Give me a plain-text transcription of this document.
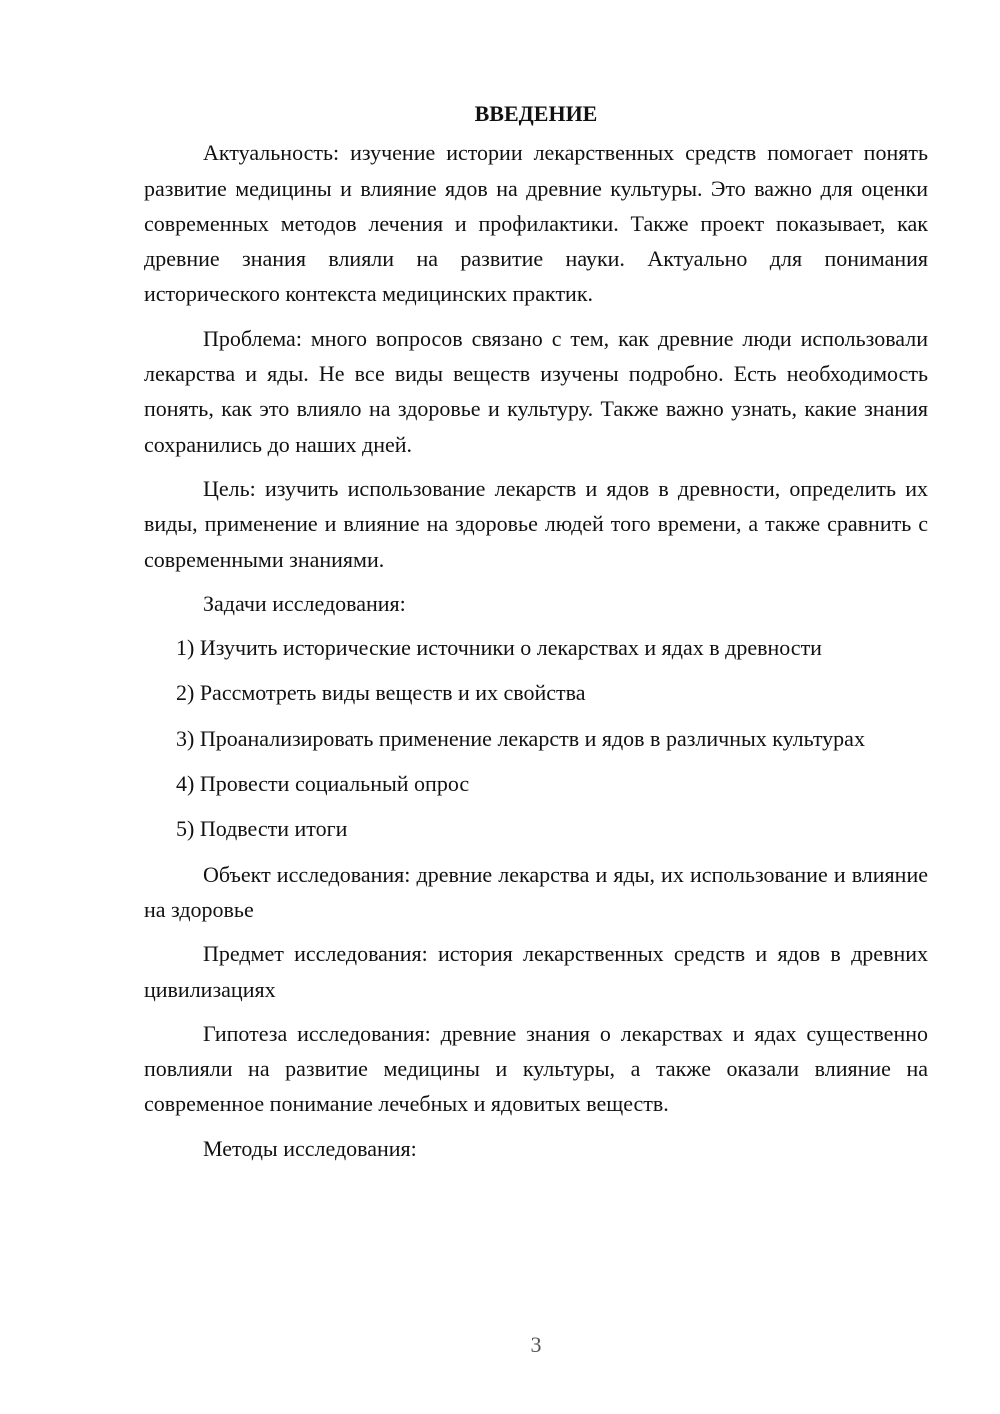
ВВЕДЕНИЕ

Актуальность: изучение истории лекарственных средств помогает понять развитие медицины и влияние ядов на древние культуры. Это важно для оценки современных методов лечения и профилактики. Также проект показывает, как древние знания влияли на развитие науки. Актуально для понимания исторического контекста медицинских практик.

Проблема: много вопросов связано с тем, как древние люди использовали лекарства и яды. Не все виды веществ изучены подробно. Есть необходимость понять, как это влияло на здоровье и культуру. Также важно узнать, какие знания сохранились до наших дней.

Цель: изучить использование лекарств и ядов в древности, определить их виды, применение и влияние на здоровье людей того времени, а также сравнить с современными знаниями.

Задачи исследования:

1) Изучить исторические источники о лекарствах и ядах в древности

2) Рассмотреть виды веществ и их свойства

3) Проанализировать применение лекарств и ядов в различных культурах

4) Провести социальный опрос

5) Подвести итоги

Объект исследования: древние лекарства и яды, их использование и влияние на здоровье

Предмет исследования: история лекарственных средств и ядов в древних цивилизациях

Гипотеза исследования: древние знания о лекарствах и ядах существенно повлияли на развитие медицины и культуры, а также оказали влияние на современное понимание лечебных и ядовитых веществ.

Методы исследования:

3
